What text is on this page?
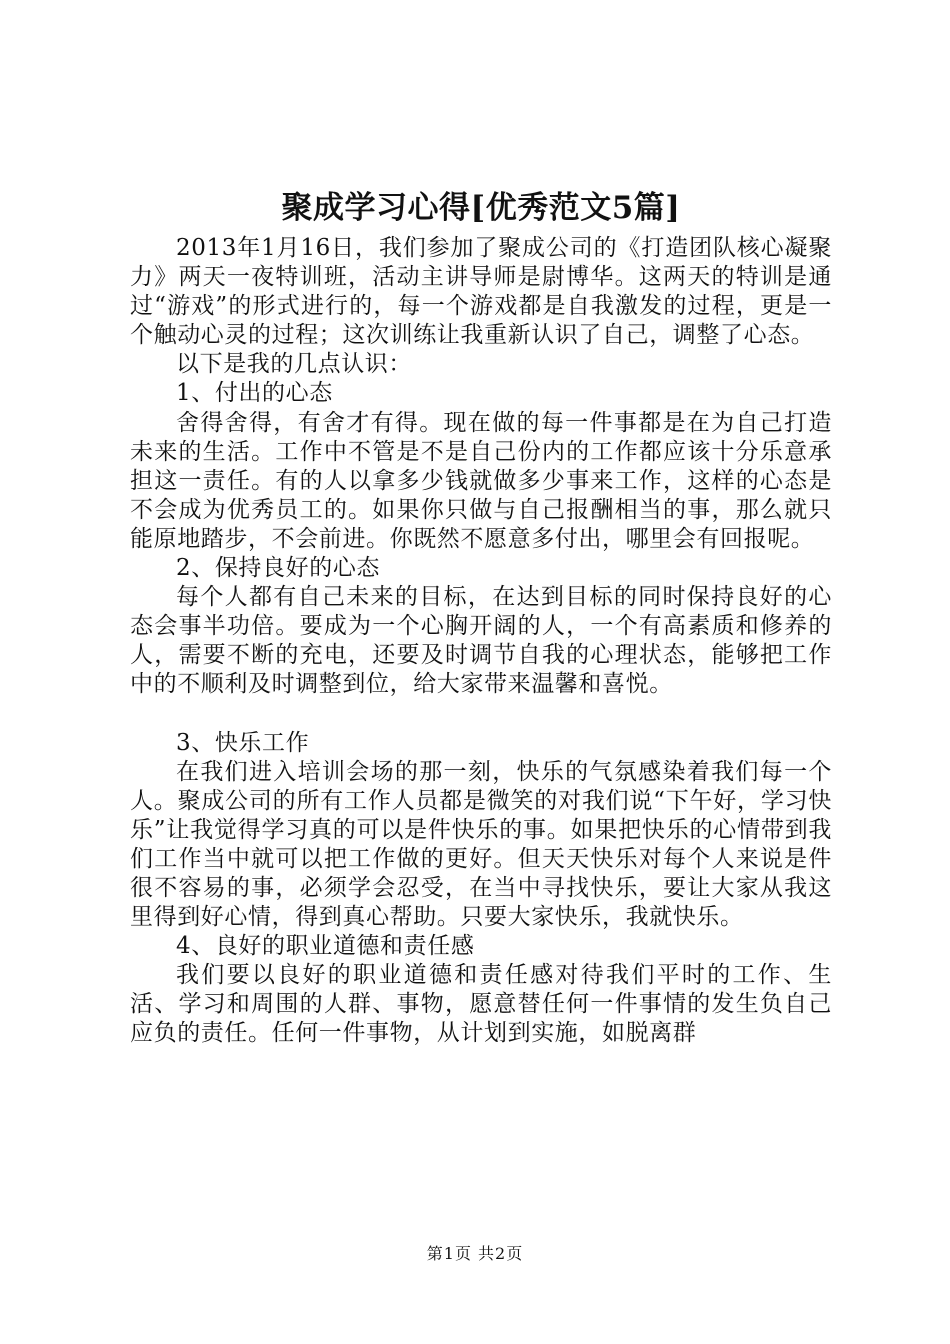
聚成学习心得[优秀范文5篇]

2013年1月16日，我们参加了聚成公司的《打造团队核心凝聚力》两天一夜特训班，活动主讲导师是尉博华。这两天的特训是通过“游戏”的形式进行的，每一个游戏都是自我激发的过程，更是一个触动心灵的过程；这次训练让我重新认识了自己，调整了心态。

以下是我的几点认识：

1、付出的心态

舍得舍得，有舍才有得。现在做的每一件事都是在为自己打造未来的生活。工作中不管是不是自己份内的工作都应该十分乐意承担这一责任。有的人以拿多少钱就做多少事来工作，这样的心态是不会成为优秀员工的。如果你只做与自己报酬相当的事，那么就只能原地踏步，不会前进。你既然不愿意多付出，哪里会有回报呢。

2、保持良好的心态

每个人都有自己未来的目标，在达到目标的同时保持良好的心态会事半功倍。要成为一个心胸开阔的人，一个有高素质和修养的人，需要不断的充电，还要及时调节自我的心理状态，能够把工作中的不顺利及时调整到位，给大家带来温馨和喜悦。

3、快乐工作

在我们进入培训会场的那一刻，快乐的气氛感染着我们每一个人。聚成公司的所有工作人员都是微笑的对我们说“下午好，学习快乐”让我觉得学习真的可以是件快乐的事。如果把快乐的心情带到我们工作当中就可以把工作做的更好。但天天快乐对每个人来说是件很不容易的事，必须学会忍受，在当中寻找快乐，要让大家从我这里得到好心情，得到真心帮助。只要大家快乐，我就快乐。

4、良好的职业道德和责任感

我们要以良好的职业道德和责任感对待我们平时的工作、生活、学习和周围的人群、事物，愿意替任何一件事情的发生负自己应负的责任。任何一件事物，从计划到实施，如脱离群

第1页 共2页
